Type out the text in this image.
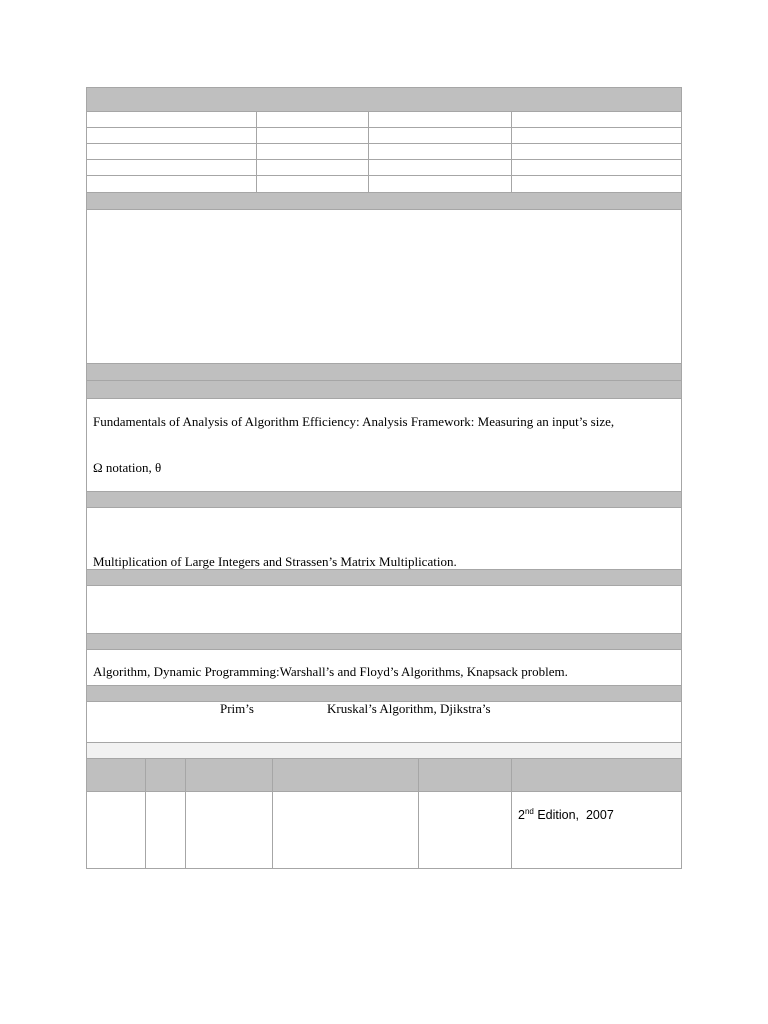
Fundamentals of Analysis of Algorithm Efficiency: Analysis Framework: Measuring an input’s size,
Ω notation, θ
Multiplication of Large Integers and Strassen’s Matrix Multiplication.
Algorithm, Dynamic Programming:Warshall’s and Floyd’s Algorithms, Knapsack problem.
Prim’s	Kruskal’s Algorithm, Djikstra’s
2nd Edition,  2007
